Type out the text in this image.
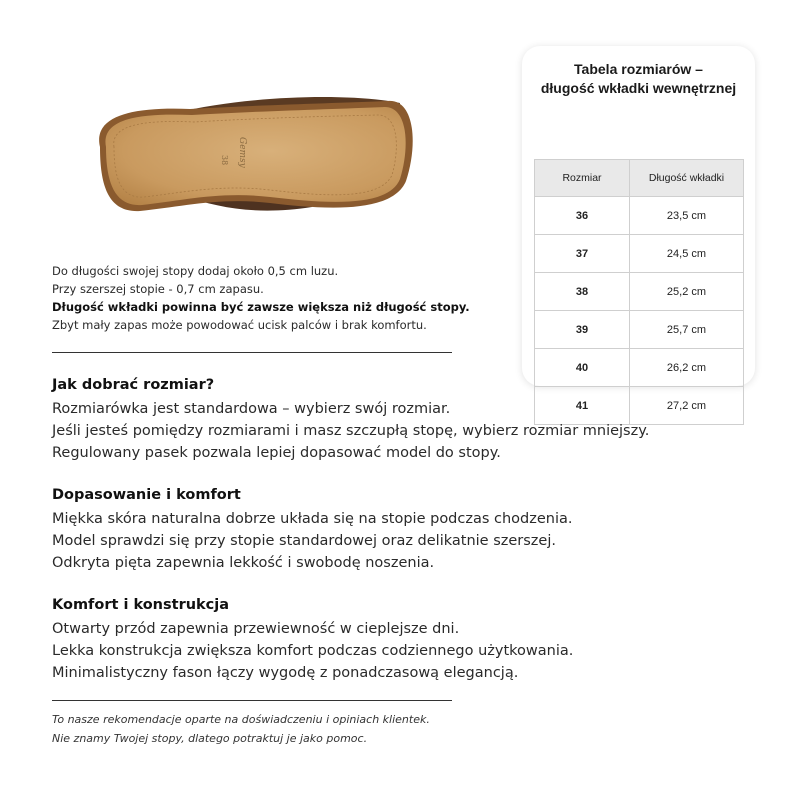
38 Gemsy
Tabela rozmiarów –
długość wkładki wewnętrznej
Rozmiar	Długość wkładki
36	23,5 cm
37	24,5 cm
38	25,2 cm
39	25,7 cm
40	26,2 cm
41	27,2 cm
Do długości swojej stopy dodaj około 0,5 cm luzu.
Przy szerszej stopie - 0,7 cm zapasu.
Długość wkładki powinna być zawsze większa niż długość stopy.
Zbyt mały zapas może powodować ucisk palców i brak komfortu.
Jak dobrać rozmiar?

Rozmiarówka jest standardowa – wybierz swój rozmiar.

Jeśli jesteś pomiędzy rozmiarami i masz szczupłą stopę, wybierz rozmiar mniejszy.

Regulowany pasek pozwala lepiej dopasować model do stopy.

Dopasowanie i komfort

Miękka skóra naturalna dobrze układa się na stopie podczas chodzenia.

Model sprawdzi się przy stopie standardowej oraz delikatnie szerszej.

Odkryta pięta zapewnia lekkość i swobodę noszenia.

Komfort i konstrukcja

Otwarty przód zapewnia przewiewność w cieplejsze dni.

Lekka konstrukcja zwiększa komfort podczas codziennego użytkowania.

Minimalistyczny fason łączy wygodę z ponadczasową elegancją.

To nasze rekomendacje oparte na doświadczeniu i opiniach klientek.
Nie znamy Twojej stopy, dlatego potraktuj je jako pomoc.
